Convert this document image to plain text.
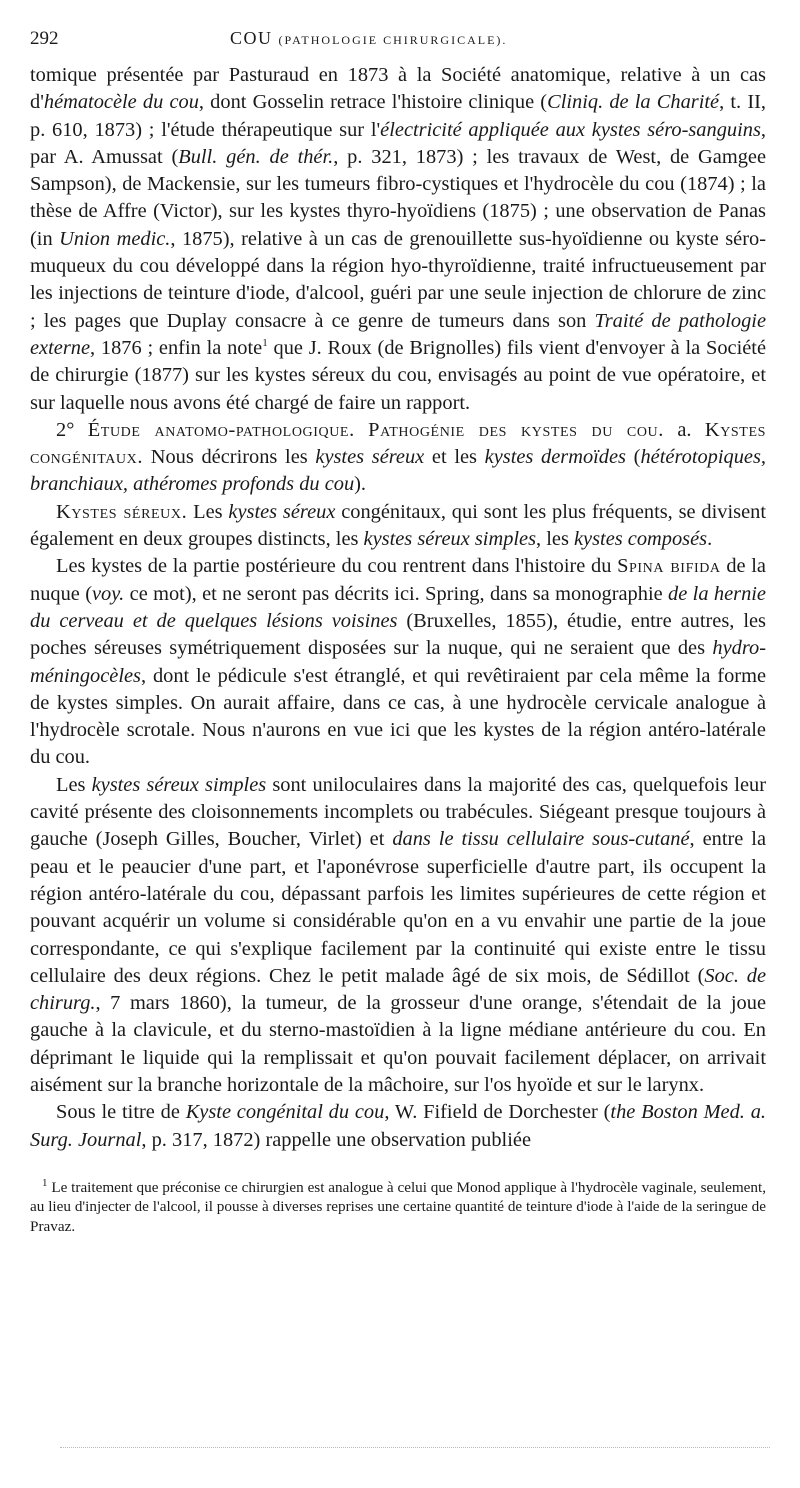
292	COU (PATHOLOGIE CHIRURGICALE).

tomique présentée par Pasturaud en 1873 à la Société anatomique, relative à un cas d'hématocèle du cou, dont Gosselin retrace l'histoire clinique (Cliniq. de la Charité, t. II, p. 610, 1873) ; l'étude thérapeutique sur l'électricité appliquée aux kystes séro-sanguins, par A. Amussat (Bull. gén. de thér., p. 321, 1873) ; les travaux de West, de Gamgee Sampson), de Mackensie, sur les tumeurs fibro-cystiques et l'hydrocèle du cou (1874) ; la thèse de Affre (Victor), sur les kystes thyro-hyoïdiens (1875) ; une observation de Panas (in Union medic., 1875), relative à un cas de grenouillette sus-hyoïdienne ou kyste séro-muqueux du cou développé dans la région hyo-thyroïdienne, traité infructueusement par les injections de teinture d'iode, d'alcool, guéri par une seule injection de chlorure de zinc ; les pages que Duplay consacre à ce genre de tumeurs dans son Traité de pathologie externe, 1876 ; enfin la note$^1$ que J. Roux (de Brignolles) fils vient d'envoyer à la Société de chirurgie (1877) sur les kystes séreux du cou, envisagés au point de vue opératoire, et sur laquelle nous avons été chargé de faire un rapport.

2° Étude anatomo-pathologique. Pathogénie des kystes du cou. a. Kystes congénitaux. Nous décrirons les kystes séreux et les kystes dermoïdes (hétérotopiques, branchiaux, athéromes profonds du cou).

Kystes séreux. Les kystes séreux congénitaux, qui sont les plus fréquents, se divisent également en deux groupes distincts, les kystes séreux simples, les kystes composés.

Les kystes de la partie postérieure du cou rentrent dans l'histoire du Spina bifida de la nuque (voy. ce mot), et ne seront pas décrits ici. Spring, dans sa monographie de la hernie du cerveau et de quelques lésions voisines (Bruxelles, 1855), étudie, entre autres, les poches séreuses symétriquement disposées sur la nuque, qui ne seraient que des hydro-méningocèles, dont le pédicule s'est étranglé, et qui revêtiraient par cela même la forme de kystes simples. On aurait affaire, dans ce cas, à une hydrocèle cervicale analogue à l'hydrocèle scrotale. Nous n'aurons en vue ici que les kystes de la région antéro-latérale du cou.

Les kystes séreux simples sont uniloculaires dans la majorité des cas, quelquefois leur cavité présente des cloisonnements incomplets ou trabécules. Siégeant presque toujours à gauche (Joseph Gilles, Boucher, Virlet) et dans le tissu cellulaire sous-cutané, entre la peau et le peaucier d'une part, et l'aponévrose superficielle d'autre part, ils occupent la région antéro-latérale du cou, dépassant parfois les limites supérieures de cette région et pouvant acquérir un volume si considérable qu'on en a vu envahir une partie de la joue correspondante, ce qui s'explique facilement par la continuité qui existe entre le tissu cellulaire des deux régions. Chez le petit malade âgé de six mois, de Sédillot (Soc. de chirurg., 7 mars 1860), la tumeur, de la grosseur d'une orange, s'étendait de la joue gauche à la clavicule, et du sterno-mastoïdien à la ligne médiane antérieure du cou. En déprimant le liquide qui la remplissait et qu'on pouvait facilement déplacer, on arrivait aisément sur la branche horizontale de la mâchoire, sur l'os hyoïde et sur le larynx.

Sous le titre de Kyste congénital du cou, W. Fifield de Dorchester (the Boston Med. a. Surg. Journal, p. 317, 1872) rappelle une observation publiée

$^1$ Le traitement que préconise ce chirurgien est analogue à celui que Monod applique à l'hydrocèle vaginale, seulement, au lieu d'injecter de l'alcool, il pousse à diverses reprises une certaine quantité de teinture d'iode à l'aide de la seringue de Pravaz.
